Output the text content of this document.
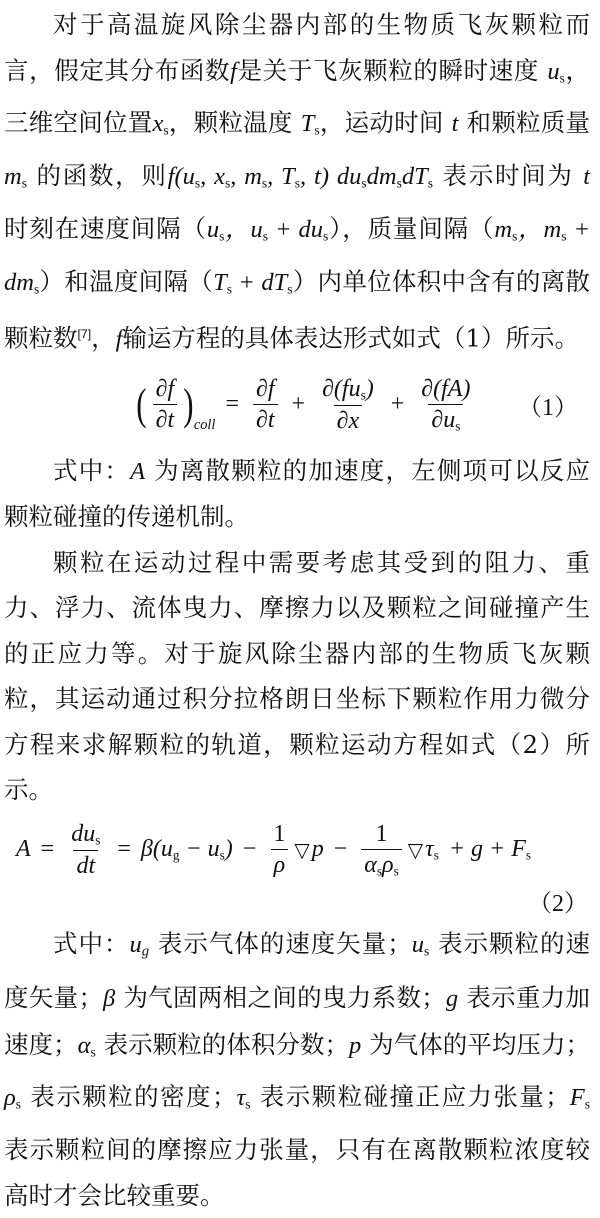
对于高温旋风除尘器内部的生物质飞灰颗粒而言，假定其分布函数f是关于飞灰颗粒的瞬时速度 $u_s$，三维空间位置$x_s$，颗粒温度 $T_s$，运动时间 t 和颗粒质量 $m_s$ 的函数，则$f(u_s$, $x_s$, $m_s$, $T_s$, t) $du_sdm_sdT_s$ 表示时间为 t 时刻在速度间隔（$u_s$，$u_s + du_s$），质量间隔（$m_s$，$m_s + dm_s$）和温度间隔$(T_s + dT_s)$内单位体积中含有的离散颗粒数[7]，f输运方程的具体表达形式如式（1）所示。

( $\frac{\partial f}{\partial t}$ ) coll
= $\frac{\partial f}{\partial t} + \frac{\partial(fu_s)}{\partial x} + \frac{\partial(fA)}{\partial u_s} (1)$

式中：A 为离散颗粒的加速度，左侧项可以反应颗粒碰撞的传递机制。

颗粒在运动过程中需要考虑其受到的阻力、重力、浮力、流体曳力、摩擦力以及颗粒之间碰撞产生的正应力等。对于旋风除尘器内部的生物质飞灰颗粒，其运动通过积分拉格朗日坐标下颗粒作用力微分方程来求解颗粒的轨道，颗粒运动方程如式（2）所示。

$A = \frac{du_s}{dt} = \beta(u_g - u_s) - \frac{1}{\rho}$ ▽ $p - \frac{1}{\alpha_s\rho_s}$ ▽ $\tau_s + g + F_s$
（2）

式中：ug 表示气体的速度矢量；$u_s$ 表示颗粒的速度矢量；β 为气固两相之间的曳力系数；g 表示重力加速度；$\alpha_s$ 表示颗粒的体积分数；p 为气体的平均压力；$\rho_s$ 表示颗粒的密度；$\tau_s$ 表示颗粒碰撞正应力张量；$F_s$ 表示颗粒间的摩擦应力张量，只有在离散颗粒浓度较高时才会比较重要。
